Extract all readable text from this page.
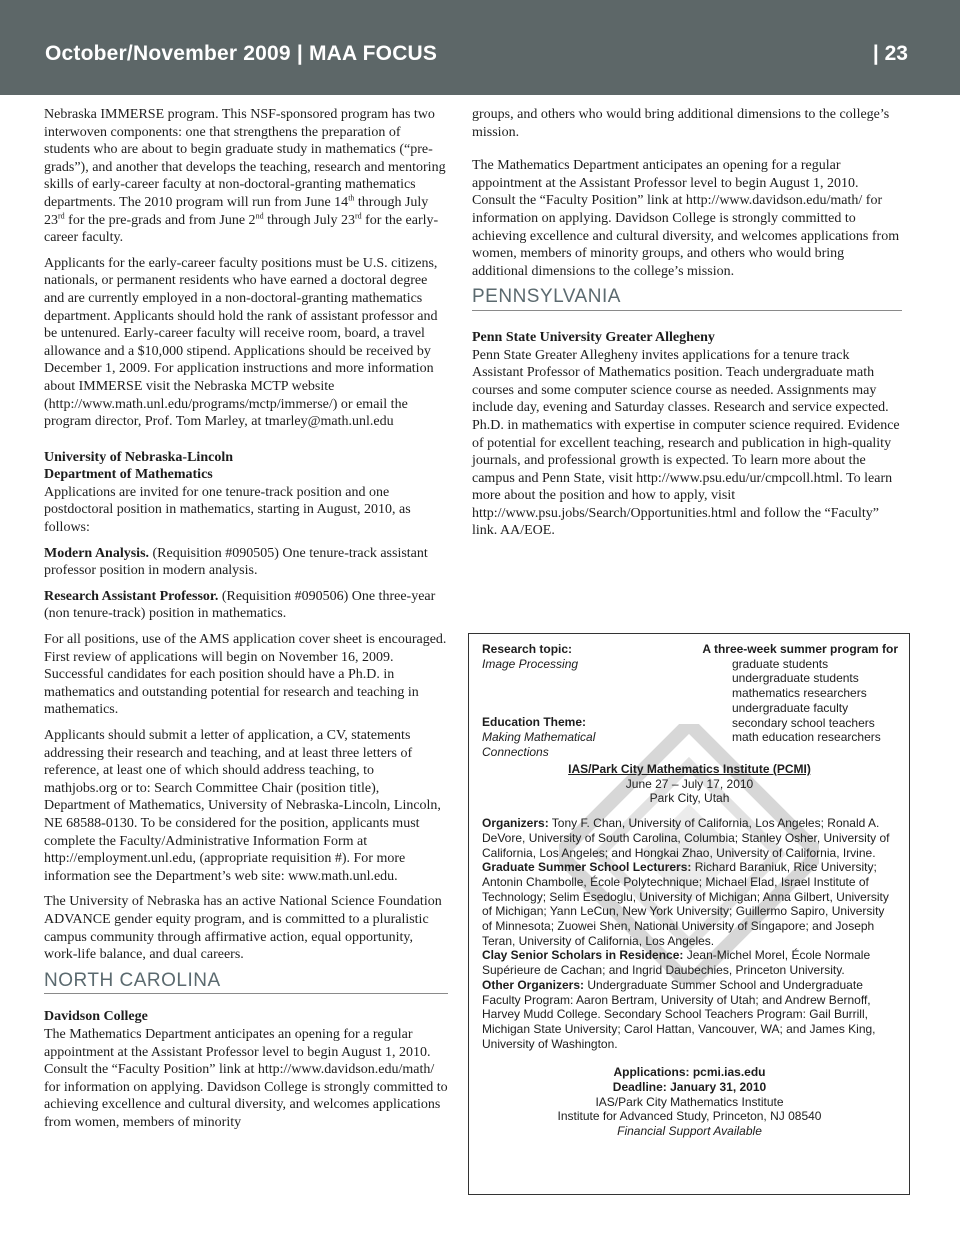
October/November 2009 | MAA FOCUS	| 23

Nebraska IMMERSE program. This NSF-sponsored program has two interwoven components: one that strengthens the preparation of students who are about to begin graduate study in mathematics (“pre-grads”), and another that develops the teaching, research and mentoring skills of early-career faculty at non-doctoral-granting mathematics departments. The 2010 program will run from June 14th through July 23rd for the pre-grads and from June 2nd through July 23rd for the early-career faculty.

Applicants for the early-career faculty positions must be U.S. citizens, nationals, or permanent residents who have earned a doctoral degree and are currently employed in a non-doctoral-granting mathematics department. Applicants should hold the rank of assistant professor and be untenured. Early-career faculty will receive room, board, a travel allowance and a $10,000 stipend. Applications should be received by December 1, 2009. For application instructions and more information about IMMERSE visit the Nebraska MCTP website (http://www.math.unl.edu/programs/mctp/immerse/) or email the program director, Prof. Tom Marley, at tmarley@math.unl.edu

University of Nebraska-Lincoln
Department of Mathematics

Applications are invited for one tenure-track position and one postdoctoral position in mathematics, starting in August, 2010, as follows:

Modern Analysis. (Requisition #090505) One tenure-track assistant professor position in modern analysis.

Research Assistant Professor. (Requisition #090506) One three-year (non tenure-track) position in mathematics.

For all positions, use of the AMS application cover sheet is encouraged. First review of applications will begin on November 16, 2009. Successful candidates for each position should have a Ph.D. in mathematics and outstanding potential for research and teaching in mathematics.

Applicants should submit a letter of application, a CV, statements addressing their research and teaching, and at least three letters of reference, at least one of which should address teaching, to mathjobs.org or to: Search Committee Chair (position title), Department of Mathematics, University of Nebraska-Lincoln, Lincoln, NE 68588-0130. To be considered for the position, applicants must complete the Faculty/Administrative Information Form at http://employment.unl.edu, (appropriate requisition #). For more information see the Department’s web site: www.math.unl.edu.

The University of Nebraska has an active National Science Foundation ADVANCE gender equity program, and is committed to a pluralistic campus community through affirmative action, equal opportunity, work-life balance, and dual careers.

NORTH CAROLINA
Davidson College

The Mathematics Department anticipates an opening for a regular appointment at the Assistant Professor level to begin August 1, 2010. Consult the “Faculty Position” link at http://www.davidson.edu/math/ for information on applying. Davidson College is strongly committed to achieving excellence and cultural diversity, and welcomes applications from women, members of minority

groups, and others who would bring additional dimensions to the college’s mission.

The Mathematics Department anticipates an opening for a regular appointment at the Assistant Professor level to begin August 1, 2010. Consult the “Faculty Position” link at http://www.davidson.edu/math/ for information on applying. Davidson College is strongly committed to achieving excellence and cultural diversity, and welcomes applications from women, members of minority groups, and others who would bring additional dimensions to the college’s mission.

PENNSYLVANIA
Penn State University Greater Allegheny

Penn State Greater Allegheny invites applications for a tenure track Assistant Professor of Mathematics position. Teach undergraduate math courses and some computer science course as needed. Assignments may include day, evening and Saturday classes. Research and service expected. Ph.D. in mathematics with expertise in computer science required. Evidence of potential for excellent teaching, research and publication in high-quality journals, and professional growth is expected. To learn more about the campus and Penn State, visit http://www.psu.edu/ur/cmpcoll.html. To learn more about the position and how to apply, visit http://www.psu.jobs/Search/Opportunities.html and follow the “Faculty” link. AA/EOE.

Research topic:
Image Processing
Education Theme:
Making Mathematical
Connections
A three-week summer program for
graduate students
undergraduate students
mathematics researchers
undergraduate faculty
secondary school teachers
math education researchers
IAS/Park City Mathematics Institute (PCMI)
June 27 – July 17, 2010
Park City, Utah
Organizers: Tony F. Chan, University of California, Los Angeles; Ronald A. DeVore, University of South Carolina, Columbia; Stanley Osher, University of California, Los Angeles; and Hongkai Zhao, University of California, Irvine.
Graduate Summer School Lecturers: Richard Baraniuk, Rice University; Antonin Chambolle, École Polytechnique; Michael Elad, Israel Institute of Technology; Selim Esedoglu, University of Michigan; Anna Gilbert, University of Michigan; Yann LeCun, New York University; Guillermo Sapiro, University of Minnesota; Zuowei Shen, National University of Singapore; and Joseph Teran, University of California, Los Angeles.
Clay Senior Scholars in Residence: Jean-Michel Morel, École Normale Supérieure de Cachan; and Ingrid Daubechies, Princeton University.
Other Organizers: Undergraduate Summer School and Undergraduate Faculty Program: Aaron Bertram, University of Utah; and Andrew Bernoff, Harvey Mudd College. Secondary School Teachers Program: Gail Burrill, Michigan State University; Carol Hattan, Vancouver, WA; and James King, University of Washington.
Applications: pcmi.ias.edu
Deadline: January 31, 2010
IAS/Park City Mathematics Institute
Institute for Advanced Study, Princeton, NJ 08540
Financial Support Available
